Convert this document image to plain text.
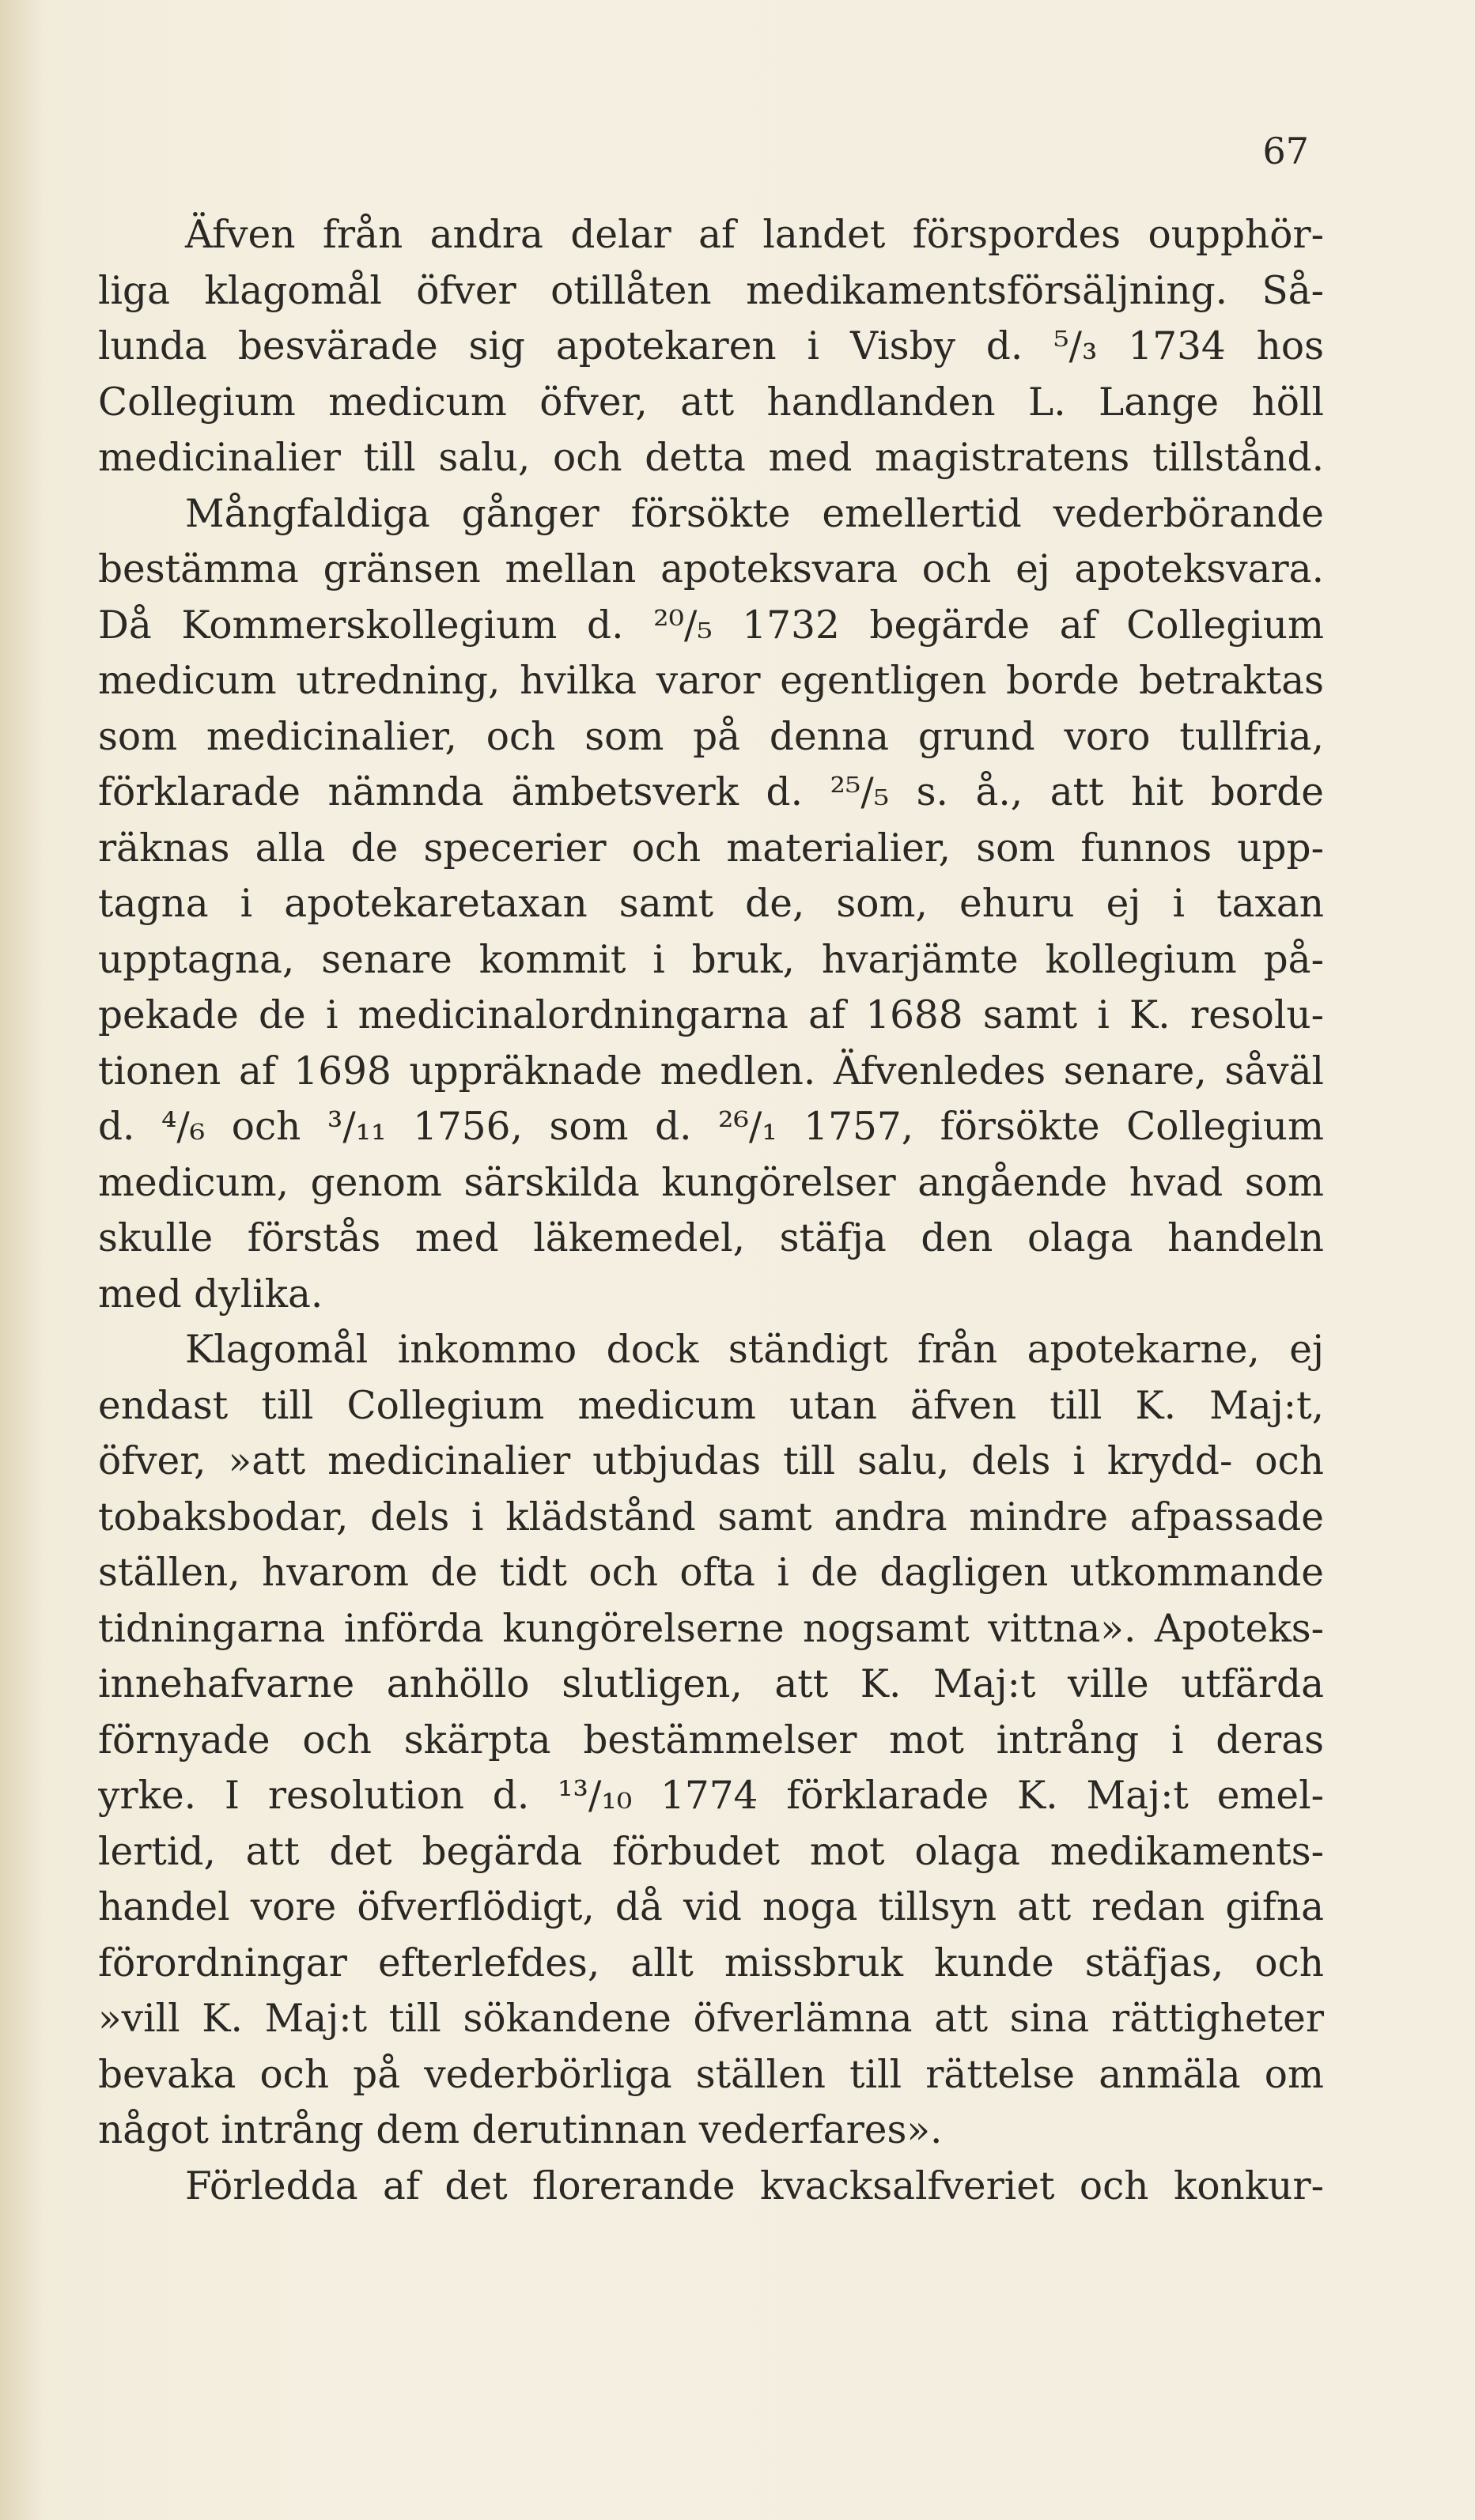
67
Äfven från andra delar af landet förspordes oupphör-
liga klagomål öfver otillåten medikamentsförsäljning. Så-
lunda besvärade sig apotekaren i Visby d. ⁵/₃ 1734 hos
Collegium medicum öfver, att handlanden L. Lange höll
medicinalier till salu, och detta med magistratens tillstånd.
Mångfaldiga gånger försökte emellertid vederbörande
bestämma gränsen mellan apoteksvara och ej apoteksvara.
Då Kommerskollegium d. ²⁰/₅ 1732 begärde af Collegium
medicum utredning, hvilka varor egentligen borde betraktas
som medicinalier, och som på denna grund voro tullfria,
förklarade nämnda ämbetsverk d. ²⁵/₅ s. å., att hit borde
räknas alla de specerier och materialier, som funnos upp-
tagna i apotekaretaxan samt de, som, ehuru ej i taxan
upptagna, senare kommit i bruk, hvarjämte kollegium på-
pekade de i medicinalordningarna af 1688 samt i K. resolu-
tionen af 1698 uppräknade medlen. Äfvenledes senare, såväl
d. ⁴/₆ och ³/₁₁ 1756, som d. ²⁶/₁ 1757, försökte Collegium
medicum, genom särskilda kungörelser angående hvad som
skulle förstås med läkemedel, stäfja den olaga handeln
med dylika.
Klagomål inkommo dock ständigt från apotekarne, ej
endast till Collegium medicum utan äfven till K. Maj:t,
öfver, »att medicinalier utbjudas till salu, dels i krydd- och
tobaksbodar, dels i klädstånd samt andra mindre afpassade
ställen, hvarom de tidt och ofta i de dagligen utkommande
tidningarna införda kungörelserne nogsamt vittna». Apoteks-
innehafvarne anhöllo slutligen, att K. Maj:t ville utfärda
förnyade och skärpta bestämmelser mot intrång i deras
yrke. I resolution d. ¹³/₁₀ 1774 förklarade K. Maj:t emel-
lertid, att det begärda förbudet mot olaga medikaments-
handel vore öfverflödigt, då vid noga tillsyn att redan gifna
förordningar efterlefdes, allt missbruk kunde stäfjas, och
»vill K. Maj:t till sökandene öfverlämna att sina rättigheter
bevaka och på vederbörliga ställen till rättelse anmäla om
något intrång dem derutinnan vederfares».
Förledda af det florerande kvacksalfveriet och konkur-
